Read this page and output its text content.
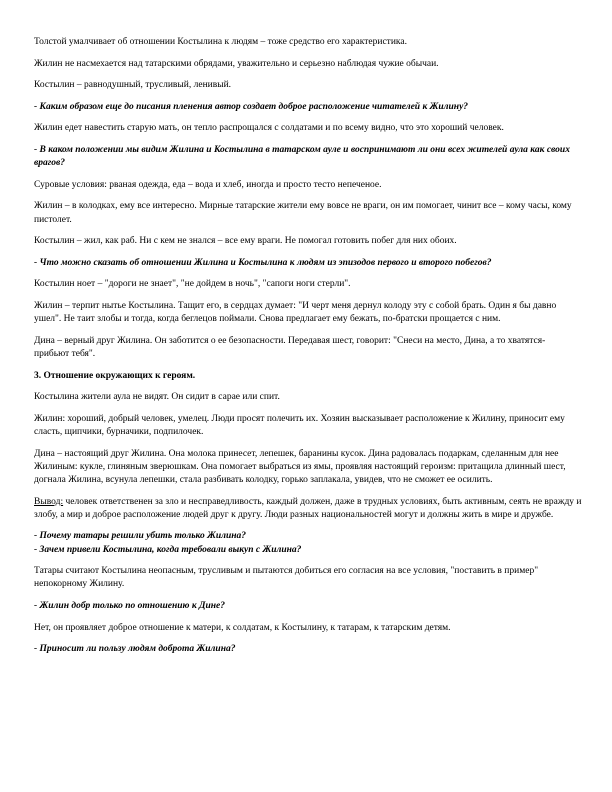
Толстой умалчивает об отношении Костылина к людям – тоже средство его характеристика.

Жилин не насмехается над татарскими обрядами, уважительно и серьезно наблюдая чужие обычаи.

Костылин – равнодушный, трусливый, ленивый.

- Каким образом еще до писания пленения автор создает доброе расположение читателей к Жилину?

Жилин едет навестить старую мать, он тепло распрощался с солдатами и по всему видно, что это хороший человек.

- В каком положении мы видим Жилина и Костылина в татарском ауле и воспринимают ли они всех жителей аула как своих врагов?

Суровые условия: рваная одежда, еда – вода и хлеб, иногда и просто тесто непеченое.

Жилин – в колодках, ему все интересно. Мирные татарские жители ему вовсе не враги, он им помогает, чинит все – кому часы, кому пистолет.

Костылин – жил, как раб. Ни с кем не знался – все ему враги. Не помогал готовить побег для них обоих.

- Что можно сказать об отношении Жилина и Костылина к людям из эпизодов первого и второго побегов?

Костылин ноет – "дороги не знает", "не дойдем в ночь", "сапоги ноги стерли".

Жилин – терпит нытье Костылина. Тащит его, в сердцах думает: "И черт меня дернул колоду эту с собой брать. Один я бы давно ушел". Не таит злобы и тогда, когда беглецов поймали. Снова предлагает ему бежать, по-братски прощается с ним.

Дина – верный друг Жилина. Он заботится о ее безопасности. Передавая шест, говорит: "Снеси на место, Дина, а то хватятся- прибьют тебя".

3. Отношение окружающих к героям.

Костылина жители аула не видят. Он сидит в сарае или спит.

Жилин: хороший, добрый человек, умелец. Люди просят полечить их. Хозяин высказывает расположение к Жилину, приносит ему сласть, щипчики, бурначики, подпилочек.

Дина – настоящий друг Жилина. Она молока принесет, лепешек, баранины кусок. Дина радовалась подаркам, сделанным для нее Жилиным: кукле, глиняным зверюшкам. Она помогает выбраться из ямы, проявляя настоящий героизм: притащила длинный шест, догнала Жилина, всунула лепешки, стала разбивать колодку, горько заплакала, увидев, что не сможет ее осилить.

Вывод: человек ответственен за зло и несправедливость, каждый должен, даже в трудных условиях, быть активным, сеять не вражду и злобу, а мир и доброе расположение людей друг к другу. Люди разных национальностей могут и должны жить в мире и дружбе.

- Почему татары решили убить только Жилина?
- Зачем привели Костылина, когда требовали выкуп с Жилина?

Татары считают Костылина неопасным, трусливым и пытаются добиться его согласия на все условия, "поставить в пример" непокорному Жилину.

- Жилин добр только по отношению к Дине?

Нет, он проявляет доброе отношение к матери, к солдатам, к Костылину, к татарам, к татарским детям.

- Приносит ли пользу людям доброта Жилина?
